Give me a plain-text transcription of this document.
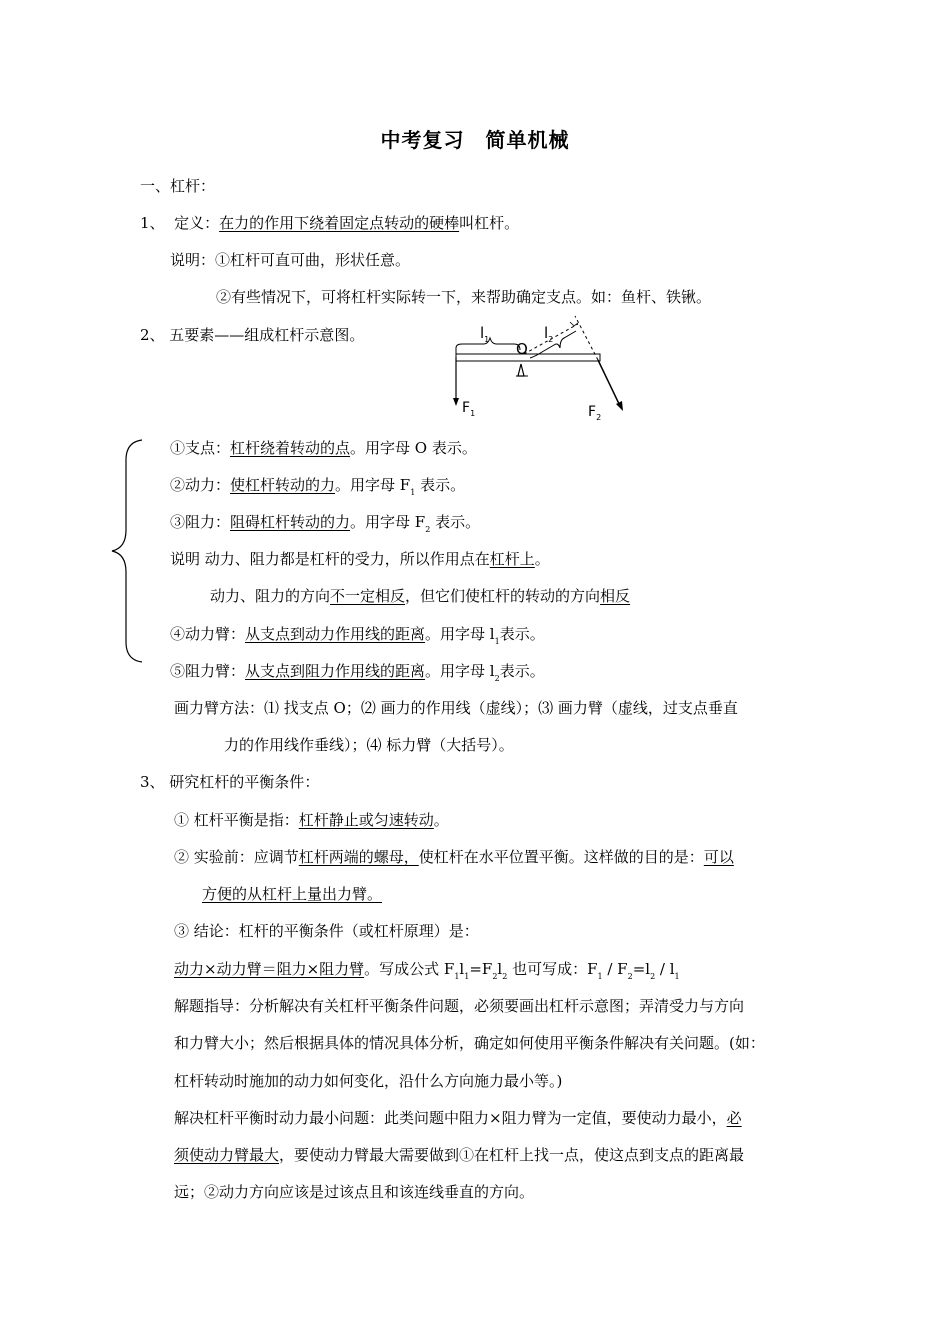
中考复习　简单机械
一、杠杆：
1、 定义：在力的作用下绕着固定点转动的硬棒叫杠杆。
说明：①杠杆可直可曲，形状任意。
②有些情况下，可将杠杆实际转一下，来帮助确定支点。如：鱼杆、铁锹。
2、 五要素——组成杠杆示意图。	$l_1$	$l_2$
O
$F_1$	$F_2$
①支点：杠杆绕着转动的点。用字母 O 表示。
②动力：使杠杆转动的力。用字母 $F_1$ 表示。
③阻力：阻碍杠杆转动的力。用字母 $F_2$ 表示。
说明 动力、阻力都是杠杆的受力，所以作用点在杠杆上。
动力、阻力的方向不一定相反，但它们使杠杆的转动的方向相反
④动力臂：从支点到动力作用线的距离。用字母 $l_1$表示。
⑤阻力臂：从支点到阻力作用线的距离。用字母 $l_2$表示。
画力臂方法：⑴ 找支点 O；⑵ 画力的作用线（虚线）；⑶ 画力臂（虚线，过支点垂直
力的作用线作垂线）；⑷ 标力臂（大括号）。
3、 研究杠杆的平衡条件：
① 杠杆平衡是指：杠杆静止或匀速转动。
② 实验前：应调节杠杆两端的螺母，使杠杆在水平位置平衡。这样做的目的是：可以
方便的从杠杆上量出力臂。
③ 结论：杠杆的平衡条件（或杠杆原理）是：
动力×动力臂＝阻力×阻力臂。写成公式 $F_1l_1=F_2l_2$ 也可写成：$F_1 / F_2=l_2 / l_1$
解题指导：分析解决有关杠杆平衡条件问题，必须要画出杠杆示意图；弄清受力与方向
和力臂大小；然后根据具体的情况具体分析，确定如何使用平衡条件解决有关问题。(如：
杠杆转动时施加的动力如何变化，沿什么方向施力最小等。)
解决杠杆平衡时动力最小问题：此类问题中阻力×阻力臂为一定值，要使动力最小，必
须使动力臂最大，要使动力臂最大需要做到①在杠杆上找一点，使这点到支点的距离最
远；②动力方向应该是过该点且和该连线垂直的方向。
